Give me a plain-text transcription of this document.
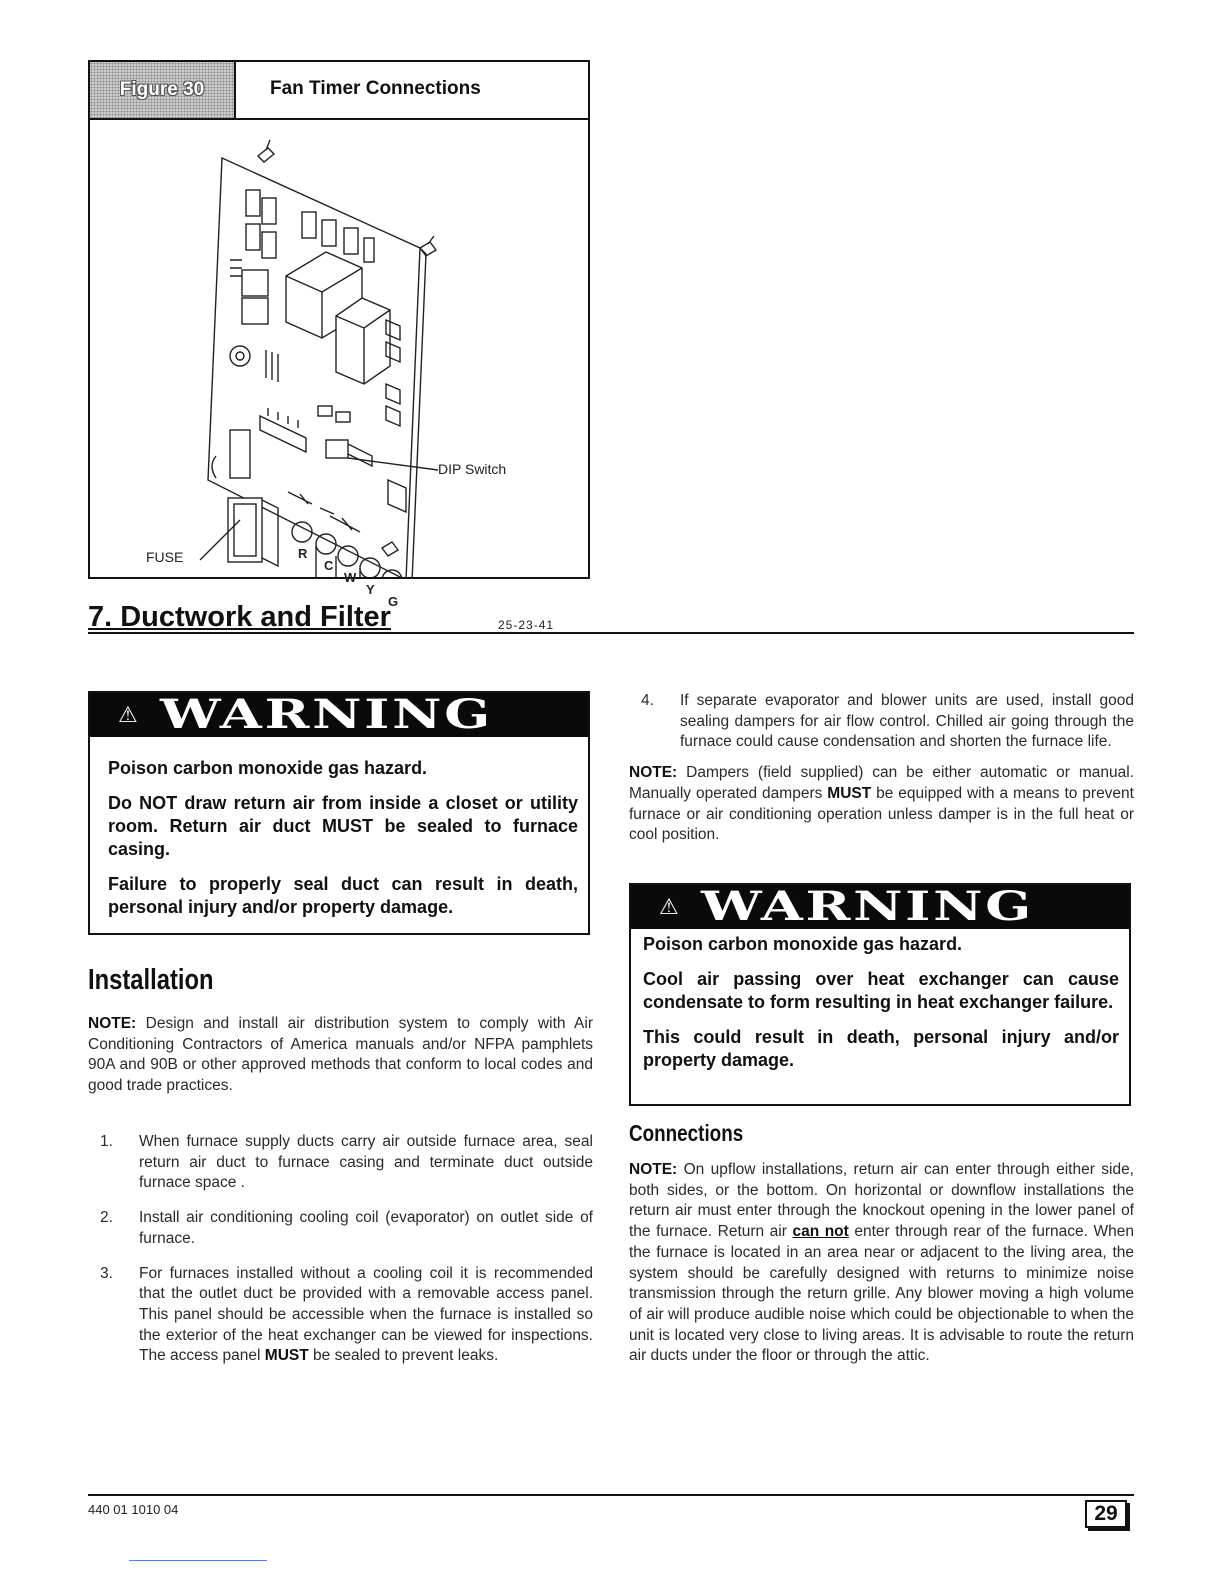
Figure 30	Fan Timer Connections
DIP Switch
FUSE	R
C
W
Y
G
25-23-41
7. Ductwork and Filter
⚠ WARNING

Poison carbon monoxide gas hazard.

Do NOT draw return air from inside a closet or utility room. Return air duct MUST be sealed to furnace casing.

Failure to properly seal duct can result in death, personal injury and/or property damage.

Installation

NOTE: Design and install air distribution system to comply with Air Conditioning Contractors of America manuals and/or NFPA pamphlets 90A and 90B or other approved methods that conform to local codes and good trade practices.

1. When furnace supply ducts carry air outside furnace area, seal return air duct to furnace casing and terminate duct outside furnace space .
2. Install air conditioning cooling coil (evaporator) on outlet side of furnace.
3. For furnaces installed without a cooling coil it is recommended that the outlet duct be provided with a removable access panel. This panel should be accessible when the furnace is installed so the exterior of the heat exchanger can be viewed for inspections. The access panel MUST be sealed to prevent leaks.
4. If separate evaporator and blower units are used, install good sealing dampers for air flow control. Chilled air going through the furnace could cause condensation and shorten the furnace life.

NOTE: Dampers (field supplied) can be either automatic or manual. Manually operated dampers MUST be equipped with a means to prevent furnace or air conditioning operation unless damper is in the full heat or cool position.

⚠ WARNING

Poison carbon monoxide gas hazard.

Cool air passing over heat exchanger can cause condensate to form resulting in heat exchanger failure.

This could result in death, personal injury and/or property damage.

Connections

NOTE: On upflow installations, return air can enter through either side, both sides, or the bottom. On horizontal or downflow installations the return air must enter through the knockout opening in the lower panel of the furnace. Return air can not enter through rear of the furnace. When the furnace is located in an area near or adjacent to the living area, the system should be carefully designed with returns to minimize noise transmission through the return grille. Any blower moving a high volume of air will produce audible noise which could be objectionable to when the unit is located very close to living areas. It is advisable to route the return air ducts under the floor or through the attic.

440 01 1010 04	29
